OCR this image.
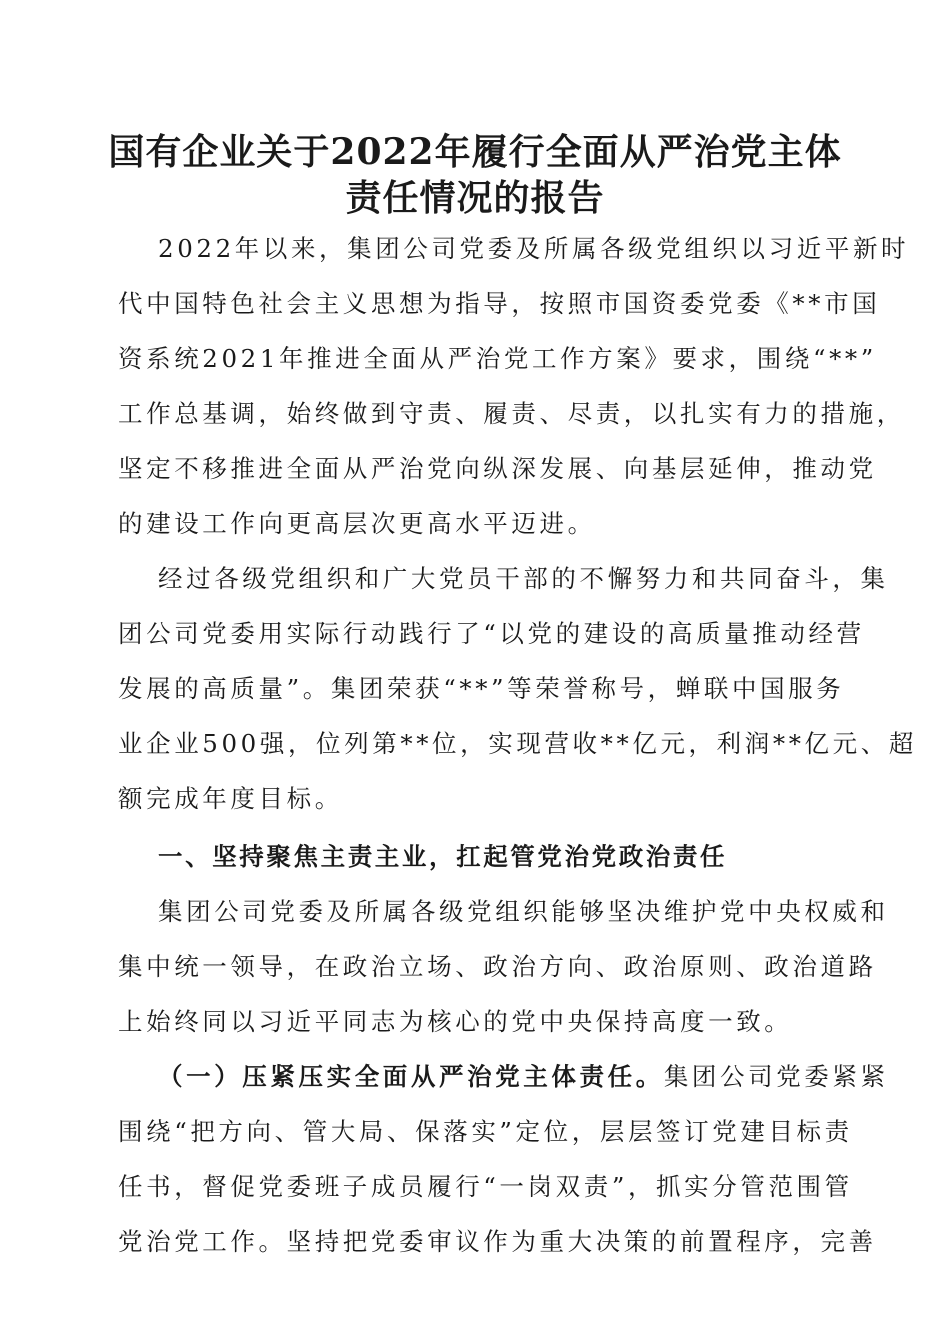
国有企业关于2022年履行全面从严治党主体
责任情况的报告

2022年以来，集团公司党委及所属各级党组织以习近平新时

代中国特色社会主义思想为指导，按照市国资委党委《**市国

资系统2021年推进全面从严治党工作方案》要求，围绕“**”

工作总基调，始终做到守责、履责、尽责，以扎实有力的措施，

坚定不移推进全面从严治党向纵深发展、向基层延伸，推动党

的建设工作向更高层次更高水平迈进。

经过各级党组织和广大党员干部的不懈努力和共同奋斗，集

团公司党委用实际行动践行了“以党的建设的高质量推动经营

发展的高质量”。集团荣获“**”等荣誉称号，蝉联中国服务

业企业500强，位列第**位，实现营收**亿元，利润**亿元、超

额完成年度目标。

一、坚持聚焦主责主业，扛起管党治党政治责任

集团公司党委及所属各级党组织能够坚决维护党中央权威和

集中统一领导，在政治立场、政治方向、政治原则、政治道路

上始终同以习近平同志为核心的党中央保持高度一致。

（一）压紧压实全面从严治党主体责任。集团公司党委紧紧

围绕“把方向、管大局、保落实”定位，层层签订党建目标责

任书，督促党委班子成员履行“一岗双责”，抓实分管范围管

党治党工作。坚持把党委审议作为重大决策的前置程序，完善
